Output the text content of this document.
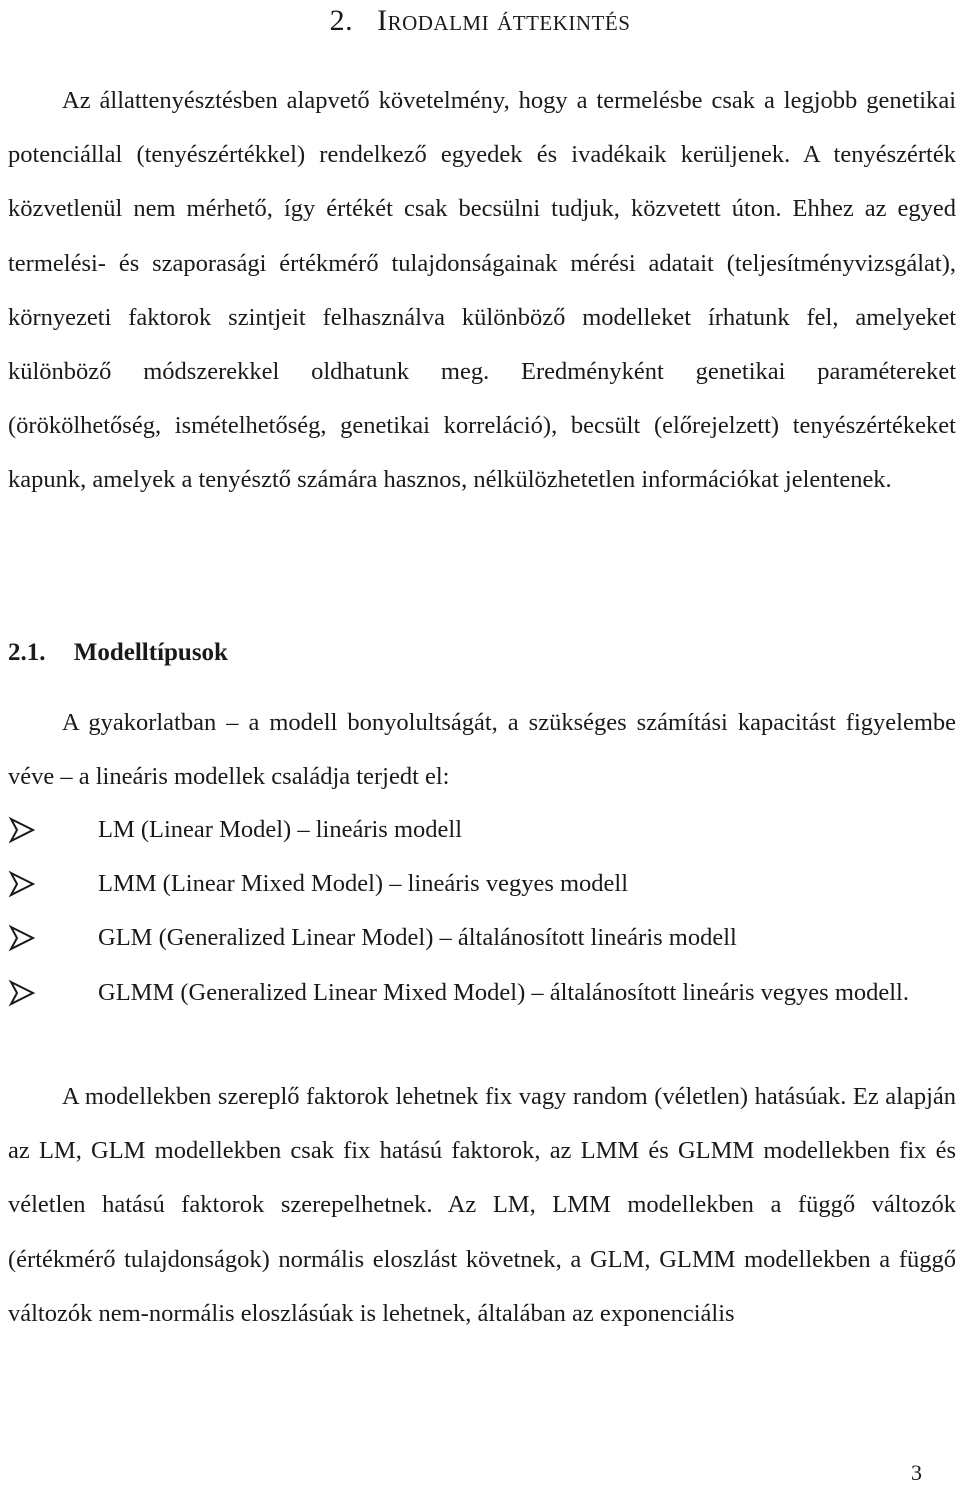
2. Irodalmi áttekintés

Az állattenyésztésben alapvető követelmény, hogy a termelésbe csak a legjobb genetikai potenciállal (tenyészértékkel) rendelkező egyedek és ivadékaik kerüljenek. A tenyészérték közvetlenül nem mérhető, így értékét csak becsülni tudjuk, közvetett úton. Ehhez az egyed termelési- és szaporasági értékmérő tulajdonságainak mérési adatait (teljesítményvizsgálat), környezeti faktorok szintjeit felhasználva különböző modelleket írhatunk fel, amelyeket különböző módszerekkel oldhatunk meg. Eredményként genetikai paramétereket (örökölhetőség, ismételhetőség, genetikai korreláció), becsült (előrejelzett) tenyészértékeket kapunk, amelyek a tenyésztő számára hasznos, nélkülözhetetlen információkat jelentenek.

2.1. Modelltípusok

A gyakorlatban – a modell bonyolultságát, a szükséges számítási kapacitást figyelembe véve – a lineáris modellek családja terjedt el:

LM (Linear Model) – lineáris modell
LMM (Linear Mixed Model) – lineáris vegyes modell
GLM (Generalized Linear Model) – általánosított lineáris modell
GLMM (Generalized Linear Mixed Model) – általánosított lineáris vegyes modell.

A modellekben szereplő faktorok lehetnek fix vagy random (véletlen) hatásúak. Ez alapján az LM, GLM modellekben csak fix hatású faktorok, az LMM és GLMM modellekben fix és véletlen hatású faktorok szerepelhetnek. Az LM, LMM modellekben a függő változók (értékmérő tulajdonságok) normális eloszlást követnek, a GLM, GLMM modellekben a függő változók nem-normális eloszlásúak is lehetnek, általában az exponenciális

3
